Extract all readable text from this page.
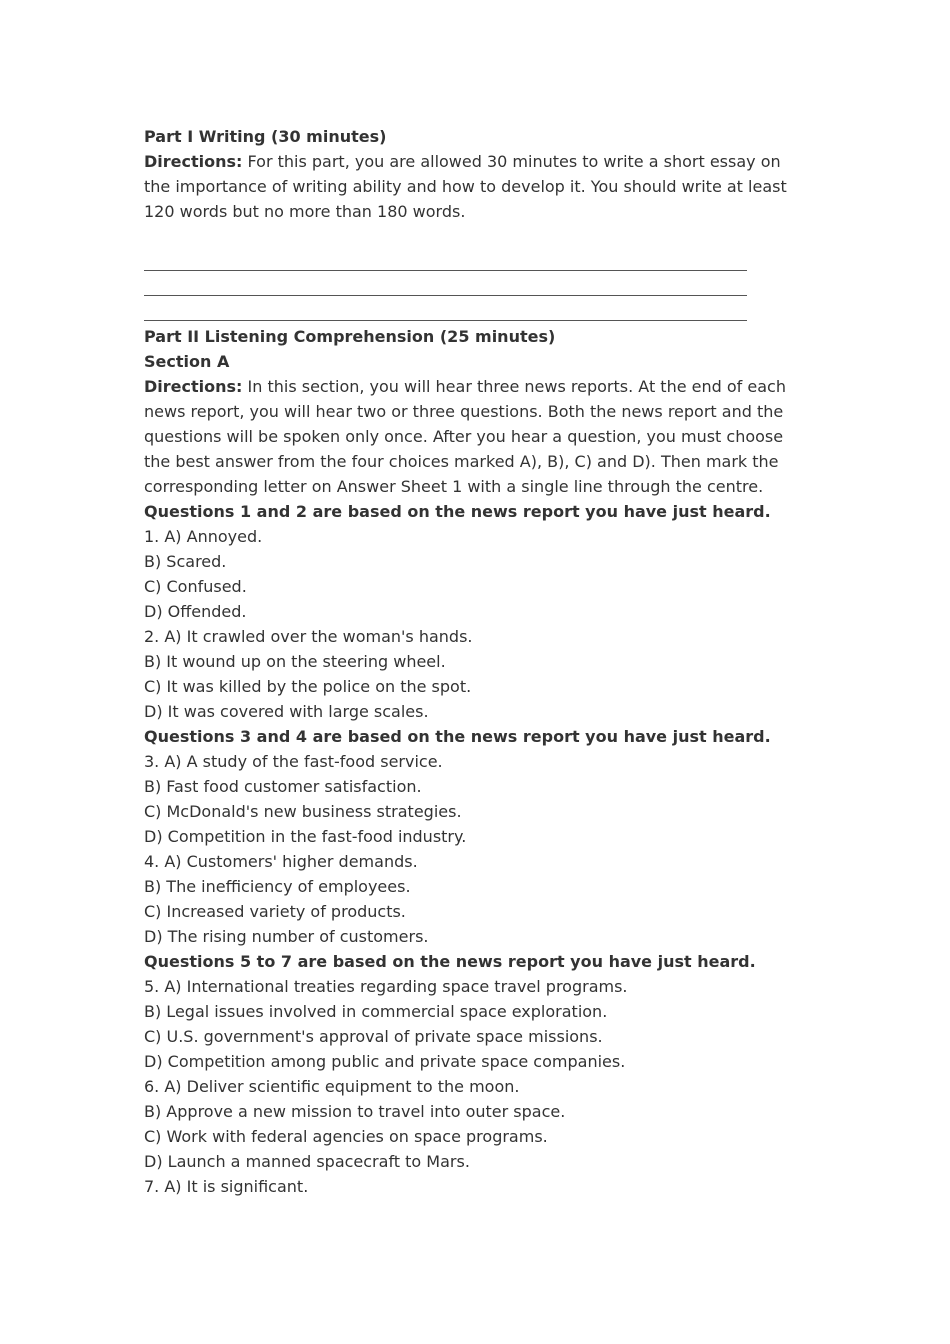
Part I Writing (30 minutes)

Directions: For this part, you are allowed 30 minutes to write a short essay on the importance of writing ability and how to develop it. You should write at least 120 words but no more than 180 words.

Part II Listening Comprehension (25 minutes)

Section A

Directions: In this section, you will hear three news reports. At the end of each news report, you will hear two or three questions. Both the news report and the questions will be spoken only once. After you hear a question, you must choose the best answer from the four choices marked A), B), C) and D). Then mark the corresponding letter on Answer Sheet 1 with a single line through the centre.

Questions 1 and 2 are based on the news report you have just heard.

1. A) Annoyed.

B) Scared.

C) Confused.

D) Offended.

2. A) It crawled over the woman's hands.

B) It wound up on the steering wheel.

C) It was killed by the police on the spot.

D) It was covered with large scales.

Questions 3 and 4 are based on the news report you have just heard.

3. A) A study of the fast-food service.

B) Fast food customer satisfaction.

C) McDonald's new business strategies.

D) Competition in the fast-food industry.

4. A) Customers' higher demands.

B) The inefficiency of employees.

C) Increased variety of products.

D) The rising number of customers.

Questions 5 to 7 are based on the news report you have just heard.

5. A) International treaties regarding space travel programs.

B) Legal issues involved in commercial space exploration.

C) U.S. government's approval of private space missions.

D) Competition among public and private space companies.

6. A) Deliver scientific equipment to the moon.

B) Approve a new mission to travel into outer space.

C) Work with federal agencies on space programs.

D) Launch a manned spacecraft to Mars.

7. A) It is significant.
